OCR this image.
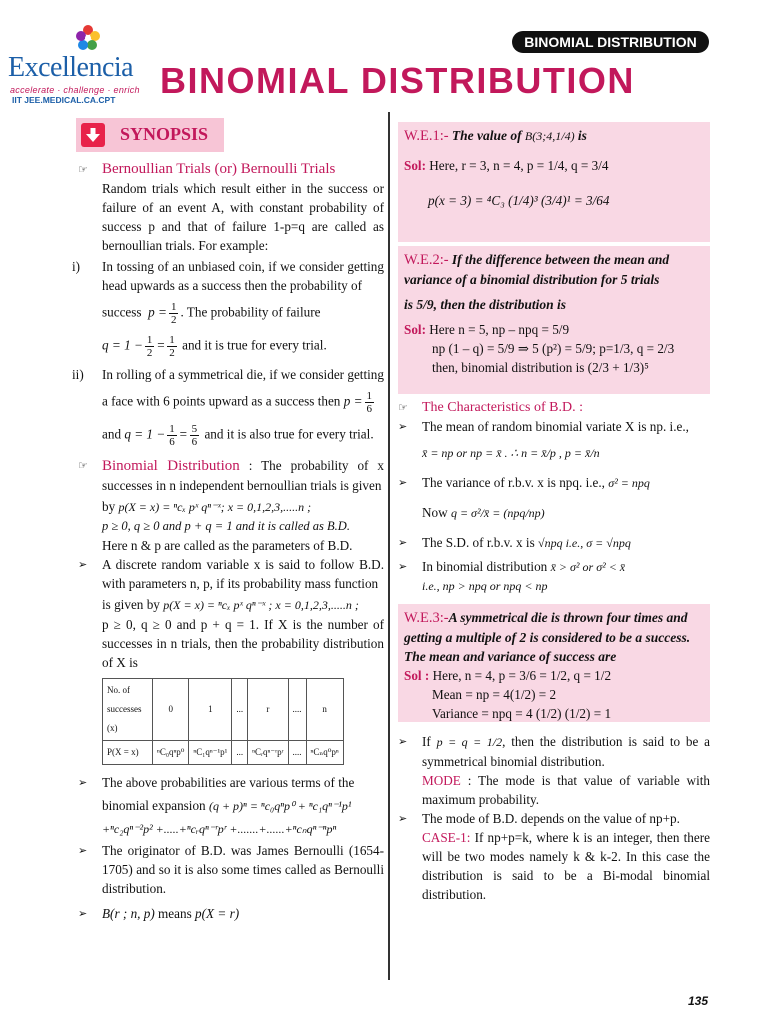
Excellencia
accelerate · challenge · enrich
IIT JEE.MEDICAL.CA.CPT
BINOMIAL DISTRIBUTION
BINOMIAL DISTRIBUTION
SYNOPSIS
☞ Bernoullian Trials (or) Bernoulli Trials
Random trials which result either in the success or failure of an event A, with constant probability of success p and that of failure 1-p=q are called as bernoullian trials. For example:
i) In tossing of an unbiased coin, if we consider getting head upwards as a success then the probability of
success  $p = \frac{1}{2}$ . The probability of failure
$q = 1 - \frac{1}{2} = \frac{1}{2}$ and it is true for every trial.
ii) In rolling of a symmetrical die, if we consider getting
a face with 6 points upward as a success then $p = \frac{1}{6}$
and $q = 1 - \frac{1}{6} = \frac{5}{6}$ and it is also true for every trial.
☞ Binomial Distribution : The probability of x successes in n independent bernoullian trials is given
by p(X = x) = ⁿcₓ pˣ qⁿ⁻ˣ; x = 0,1,2,3,.....n ;
p ≥ 0, q ≥ 0 and p + q = 1 and it is called as B.D.
Here n & p are called as the parameters of B.D.
➢ A discrete random variable x is said to follow B.D. with parameters n, p, if its probability mass function
is given by p(X = x) = ⁿcₓ pˣ qⁿ⁻ˣ ; x = 0,1,2,3,.....n ;
p ≥ 0, q ≥ 0 and p + q = 1. If X is the number of successes in n trials, then the probability distribution of X is
No. of successes (x)	0	1	...	r	....	n
P(X = x)	ⁿC₀qⁿp⁰	ⁿC₁qⁿ⁻¹p¹	...	ⁿCᵣqⁿ⁻ʳpʳ	....	ⁿCₙq⁰pⁿ
➢ The above probabilities are various terms of the
binomial expansion (q + p)ⁿ = ⁿc₀qⁿp⁰ + ⁿc₁qⁿ⁻¹p¹
+ⁿc₂qⁿ⁻²p² +.....+ⁿcᵣqⁿ⁻ʳpʳ +.......+......+ⁿcₙqⁿ⁻ⁿpⁿ
➢ The originator of B.D. was James Bernoulli (1654-1705) and so it is also some times called as Bernoulli distribution.
➢ B(r ; n, p) means p(X = r)
W.E.1:- The value of B(3;4,1/4) is
Sol: Here, r = 3, n = 4, p = 1/4, q = 3/4
p(x = 3) = ⁴C₃ (1/4)³ (3/4)¹ = 3/64
W.E.2:- If the difference between the mean and variance of a binomial distribution for 5 trials
is 5/9, then the distribution is
Sol: Here n = 5, np – npq = 5/9
np (1 – q) = 5/9 ⇒ 5 (p²) = 5/9; p=1/3, q = 2/3
then, binomial distribution is (2/3 + 1/3)⁵
☞ The Characteristics of B.D. :
➢ The mean of random binomial variate X is np. i.e.,
x̄ = np or np = x̄ . ∴ n = x̄/p , p = x̄/n
➢ The variance of r.b.v. x is npq. i.e., σ² = npq
Now q = σ²/x̄ = (npq/np)
➢ The S.D. of r.b.v. x is √npq i.e., σ = √npq
➢ In binomial distribution x̄ > σ² or σ² < x̄
i.e., np > npq or npq < np
W.E.3:-A symmetrical die is thrown four times and getting a multiple of 2 is considered to be a success. The mean and variance of success are
Sol : Here, n = 4, p = 3/6 = 1/2, q = 1/2
Mean = np = 4(1/2) = 2
Variance = npq = 4 (1/2) (1/2) = 1
➢ If p = q = 1/2, then the distribution is said to be a symmetrical binomial distribution.
MODE : The mode is that value of variable with maximum probability.
➢ The mode of B.D. depends on the value of np+p.
CASE-1: If np+p=k, where k is an integer, then there will be two modes namely k & k-2. In this case the distribution is said to be a Bi-modal binomial distribution.
135
